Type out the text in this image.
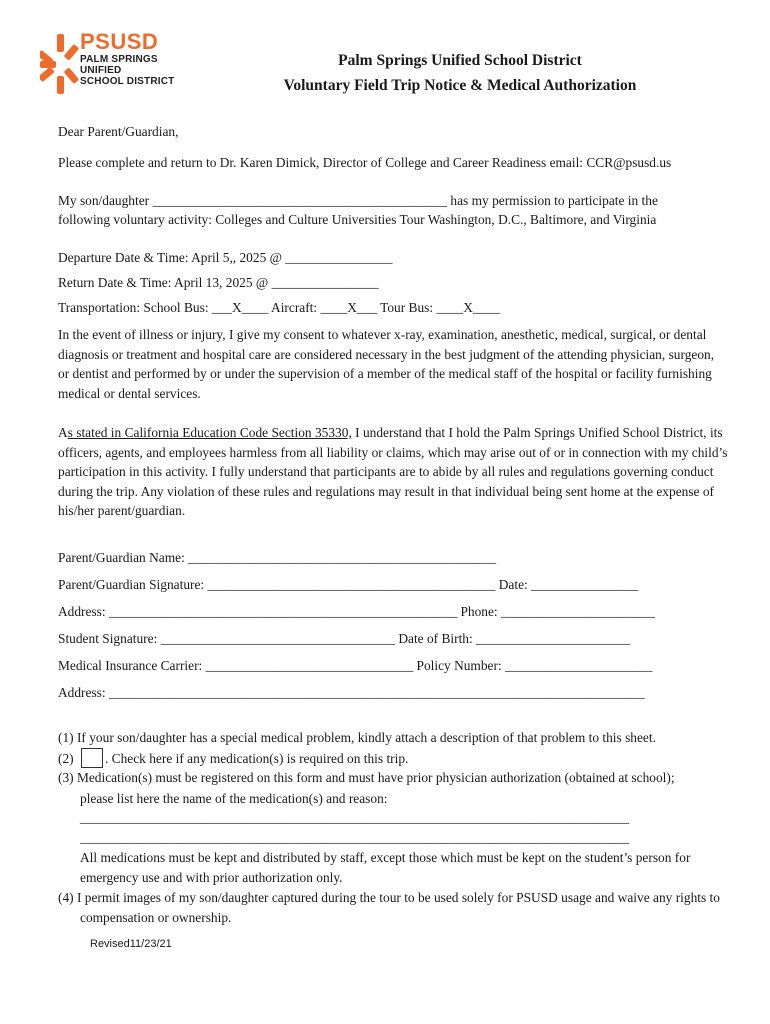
PSUSD
PALM SPRINGS
UNIFIED
SCHOOL DISTRICT
Palm Springs Unified School District
Voluntary Field Trip Notice & Medical Authorization
Dear Parent/Guardian,
Please complete and return to Dr. Karen Dimick, Director of College and Career Readiness email: CCR@psusd.us
My son/daughter ____________________________________________ has my permission to participate in the
following voluntary activity: Colleges and Culture Universities Tour Washington, D.C., Baltimore, and Virginia
Departure Date & Time: April 5,, 2025 @ ________________
Return Date & Time: April 13, 2025 @ ________________
Transportation: School Bus: ___X____ Aircraft: ____X___ Tour Bus: ____X____
In the event of illness or injury, I give my consent to whatever x-ray, examination, anesthetic, medical, surgical, or dental diagnosis or treatment and hospital care are considered necessary in the best judgment of the attending physician, surgeon, or dentist and performed by or under the supervision of a member of the medical staff of the hospital or facility furnishing medical or dental services.
As stated in California Education Code Section 35330, I understand that I hold the Palm Springs Unified School District, its officers, agents, and employees harmless from all liability or claims, which may arise out of or in connection with my child’s participation in this activity. I fully understand that participants are to abide by all rules and regulations governing conduct during the trip. Any violation of these rules and regulations may result in that individual being sent home at the expense of his/her parent/guardian.
Parent/Guardian Name: ______________________________________________
Parent/Guardian Signature: ___________________________________________ Date: ________________
Address: ____________________________________________________ Phone: _______________________
Student Signature: ___________________________________ Date of Birth: _______________________
Medical Insurance Carrier: _______________________________ Policy Number: ______________________
Address: ________________________________________________________________________________
(1) If your son/daughter has a special medical problem, kindly attach a description of that problem to this sheet.
(2) . Check here if any medication(s) is required on this trip.
(3) Medication(s) must be registered on this form and must have prior physician authorization (obtained at school);
please list here the name of the medication(s) and reason:
__________________________________________________________________________________
__________________________________________________________________________________
All medications must be kept and distributed by staff, except those which must be kept on the student’s person for emergency use and with prior authorization only.
(4) I permit images of my son/daughter captured during the tour to be used solely for PSUSD usage and waive any rights to compensation or ownership.
Revised11/23/21
